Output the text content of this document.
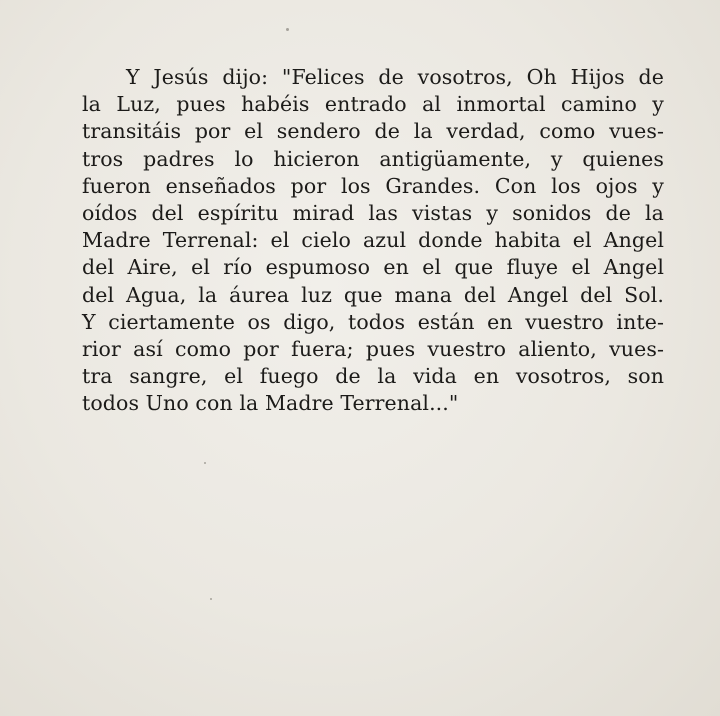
Y Jesús dijo: "Felices de vosotros, Oh Hijos de
la Luz, pues habéis entrado al inmortal camino y
transitáis por el sendero de la verdad, como vues-
tros padres lo hicieron antigüamente, y quienes
fueron enseñados por los Grandes. Con los ojos y
oídos del espíritu mirad las vistas y sonidos de la
Madre Terrenal: el cielo azul donde habita el Angel
del Aire, el río espumoso en el que fluye el Angel
del Agua, la áurea luz que mana del Angel del Sol.
Y ciertamente os digo, todos están en vuestro inte-
rior así como por fuera; pues vuestro aliento, vues-
tra sangre, el fuego de la vida en vosotros, son
todos Uno con la Madre Terrenal..."
